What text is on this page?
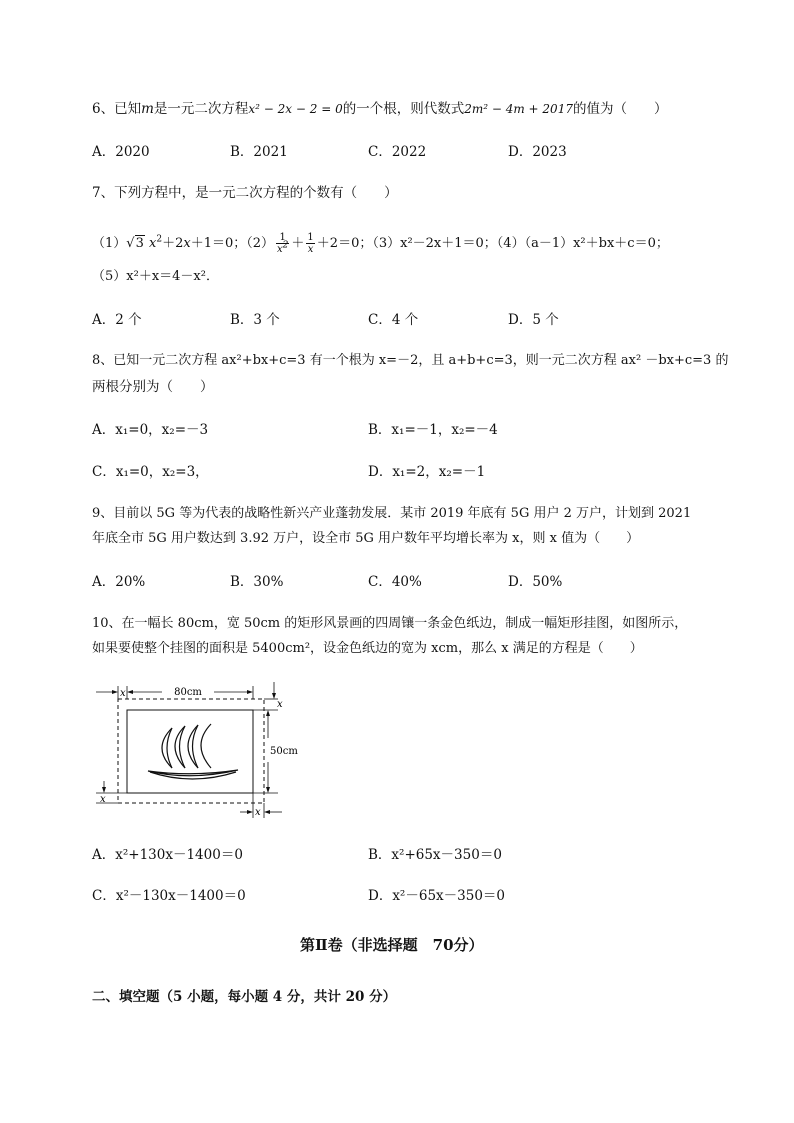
6、已知m是一元二次方程x² − 2x − 2 = 0的一个根，则代数式2m² − 4m + 2017的值为（　　）
A．2020	B．2021	C．2022	D．2023
7、下列方程中，是一元二次方程的个数有（　　）
（1）√3 $x^2+2x+1=0$；$(2) \frac{1}{x^2} + \frac{1}{x} +2=0$；（3）x²－2x＋1＝0；（4）（a－1）x²＋bx＋c＝0；
（5）x²＋x＝4－x²．
A．2 个	B．3 个	C．4 个	D．5 个
8、已知一元二次方程 ax²+bx+c=3 有一个根为 x=－2，且 a+b+c=3，则一元二次方程 ax² －bx+c=3 的
两根分别为（　　）
A．x₁=0，x₂=－3	B．x₁=－1，x₂=－4
C．x₁=0，x₂=3，	D．x₁=2，x₂=－1
9、目前以 5G 等为代表的战略性新兴产业蓬勃发展．某市 2019 年底有 5G 用户 2 万户，计划到 2021
年底全市 5G 用户数达到 3.92 万户，设全市 5G 用户数年平均增长率为 x，则 x 值为（　　）
A．20%	B．30%	C．40%	D．50%
10、在一幅长 80cm，宽 50cm 的矩形风景画的四周镶一条金色纸边，制成一幅矩形挂图，如图所示，
如果要使整个挂图的面积是 5400cm²，设金色纸边的宽为 xcm，那么 x 满足的方程是（　　）
80cm
x
x
50cm
x
x
A．x²+130x－1400＝0	B．x²+65x－350＝0
C．x²－130x－1400＝0	D．x²－65x－350＝0
第Ⅱ卷（非选择题　70分）
二、填空题（5 小题，每小题 4 分，共计 20 分）
